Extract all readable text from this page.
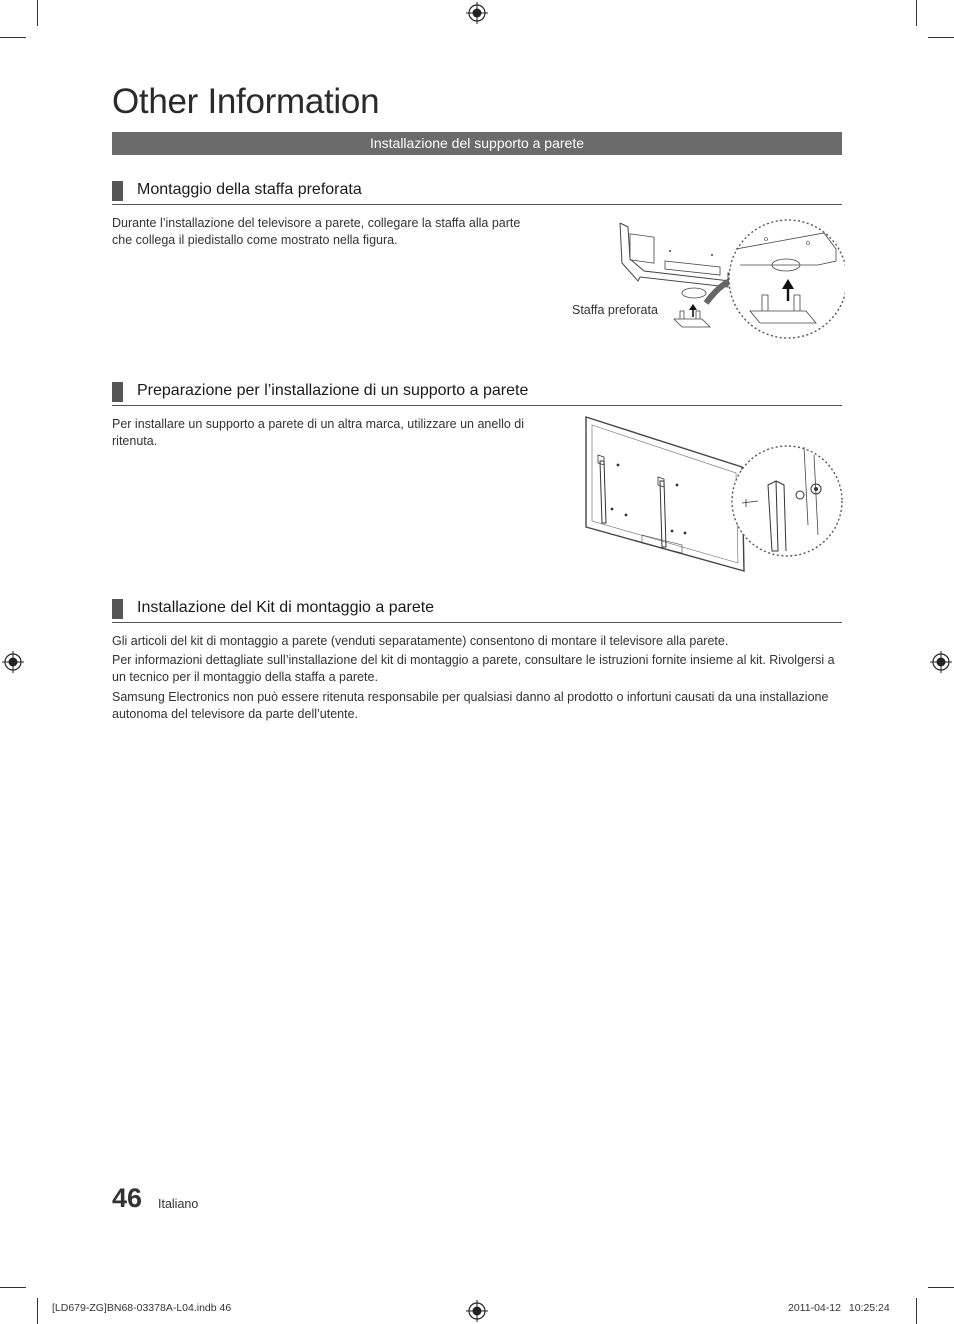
Other Information
Installazione del supporto a parete
Montaggio della staffa preforata
Durante l’installazione del televisore a parete, collegare la staffa alla parte che collega il piedistallo come mostrato nella figura.
Staffa preforata
Preparazione per l’installazione di un supporto a parete
Per installare un supporto a parete di un altra marca, utilizzare un anello di ritenuta.
Installazione del Kit di montaggio a parete
Gli articoli del kit di montaggio a parete (venduti separatamente) consentono di montare il televisore alla parete.
Per informazioni dettagliate sull’installazione del kit di montaggio a parete, consultare le istruzioni fornite insieme al kit. Rivolgersi a un tecnico per il montaggio della staffa a parete.
Samsung Electronics non può essere ritenuta responsabile per qualsiasi danno al prodotto o infortuni causati da una installazione autonoma del televisore da parte dell’utente.
46 Italiano
[LD679-ZG]BN68-03378A-L04.indb 46	2011-04-12   10:25:24
